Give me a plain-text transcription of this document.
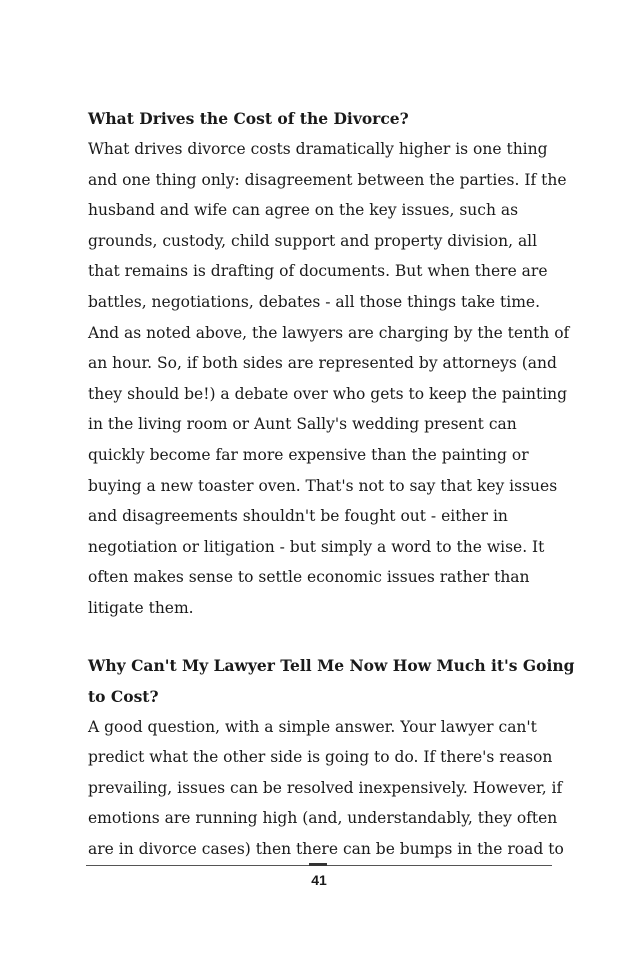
What Drives the Cost of the Divorce?
What drives divorce costs dramatically higher is one thing
and one thing only: disagreement between the parties. If the
husband and wife can agree on the key issues, such as
grounds, custody, child support and property division, all
that remains is drafting of documents. But when there are
battles, negotiations, debates - all those things take time.
And as noted above, the lawyers are charging by the tenth of
an hour. So, if both sides are represented by attorneys (and
they should be!) a debate over who gets to keep the painting
in the living room or Aunt Sally's wedding present can
quickly become far more expensive than the painting or
buying a new toaster oven. That's not to say that key issues
and disagreements shouldn't be fought out - either in
negotiation or litigation - but simply a word to the wise. It
often makes sense to settle economic issues rather than
litigate them.
Why Can't My Lawyer Tell Me Now How Much it's Going
to Cost?
A good question, with a simple answer. Your lawyer can't
predict what the other side is going to do. If there's reason
prevailing, issues can be resolved inexpensively. However, if
emotions are running high (and, understandably, they often
are in divorce cases) then there can be bumps in the road to
41
